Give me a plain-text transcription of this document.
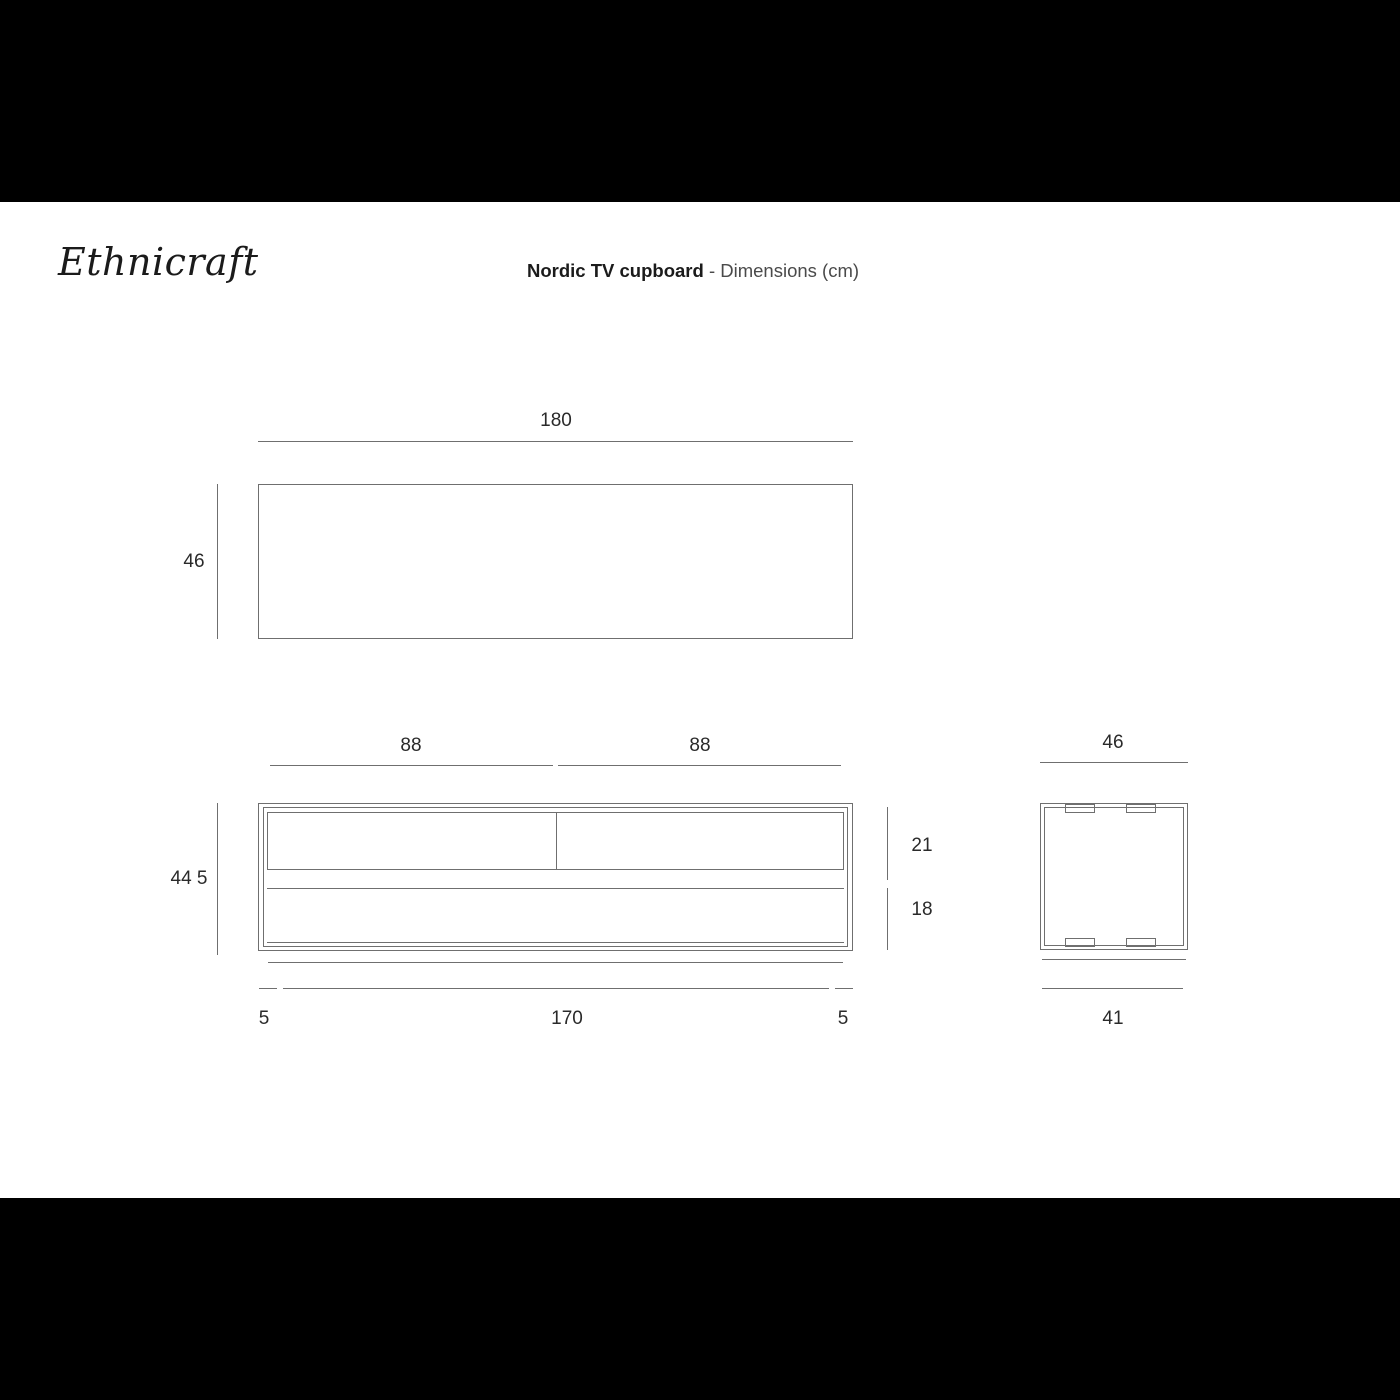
Ethnicraft	Nordic TV cupboard - Dimensions (cm)
180
46
88	88
44 5
21
18
5	170	5
46
41
